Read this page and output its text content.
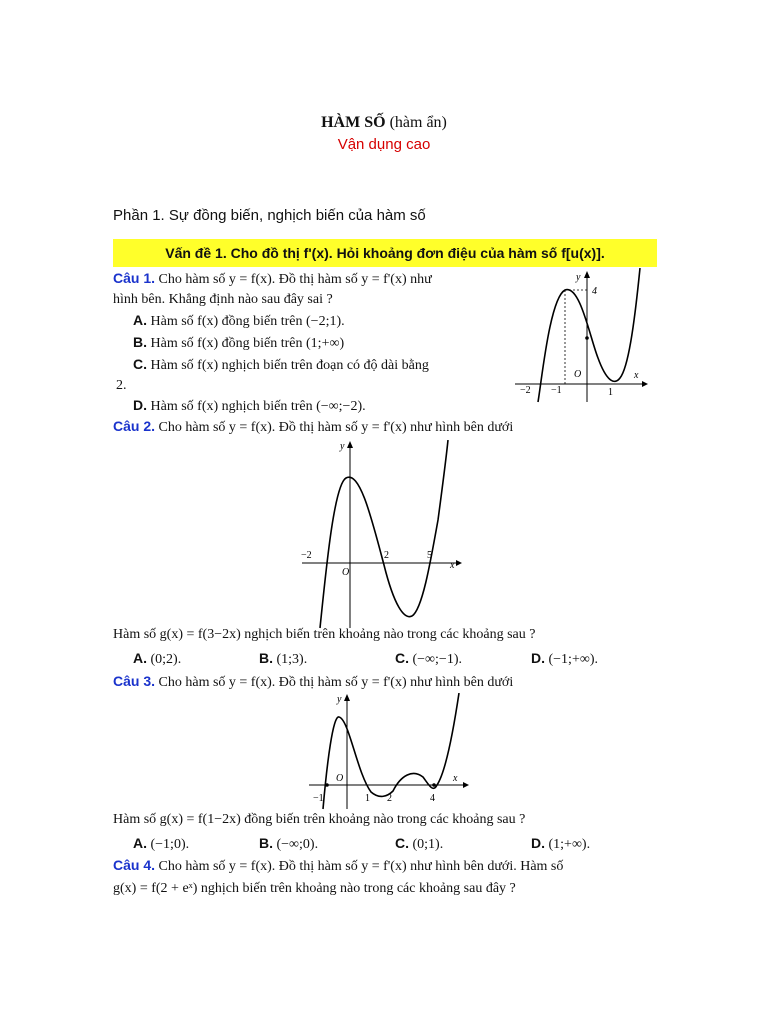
HÀM SỐ (hàm ẩn)
Vận dụng cao
Phần 1. Sự đồng biến, nghịch biến của hàm số
Vấn đề 1. Cho đồ thị f'(x). Hỏi khoảng đơn điệu của hàm số f[u(x)].
Câu 1. Cho hàm số y = f(x). Đồ thị hàm số y = f'(x) như
hình bên. Khẳng định nào sau đây sai ?
A. Hàm số f(x) đồng biến trên (−2;1).
B. Hàm số f(x) đồng biến trên (1;+∞)
C. Hàm số f(x) nghịch biến trên đoạn có độ dài bằng
2.
D. Hàm số f(x) nghịch biến trên (−∞;−2).
4
O
y
x
−2 −1	1
Câu 2. Cho hàm số y = f(x). Đồ thị hàm số y = f'(x) như hình bên dưới
−2	2	5
O
y
x
Hàm số g(x) = f(3−2x) nghịch biến trên khoảng nào trong các khoảng sau ?
A. (0;2).	B. (1;3).	C. (−∞;−1).	D. (−1;+∞).
Câu 3. Cho hàm số y = f(x). Đồ thị hàm số y = f'(x) như hình bên dưới
−1	1 2	4
O
y
x
Hàm số g(x) = f(1−2x) đồng biến trên khoảng nào trong các khoảng sau ?
A. (−1;0).	B. (−∞;0).	C. (0;1).	D. (1;+∞).
Câu 4. Cho hàm số y = f(x). Đồ thị hàm số y = f'(x) như hình bên dưới. Hàm số
g(x) = f(2 + eˣ) nghịch biến trên khoảng nào trong các khoảng sau đây ?
